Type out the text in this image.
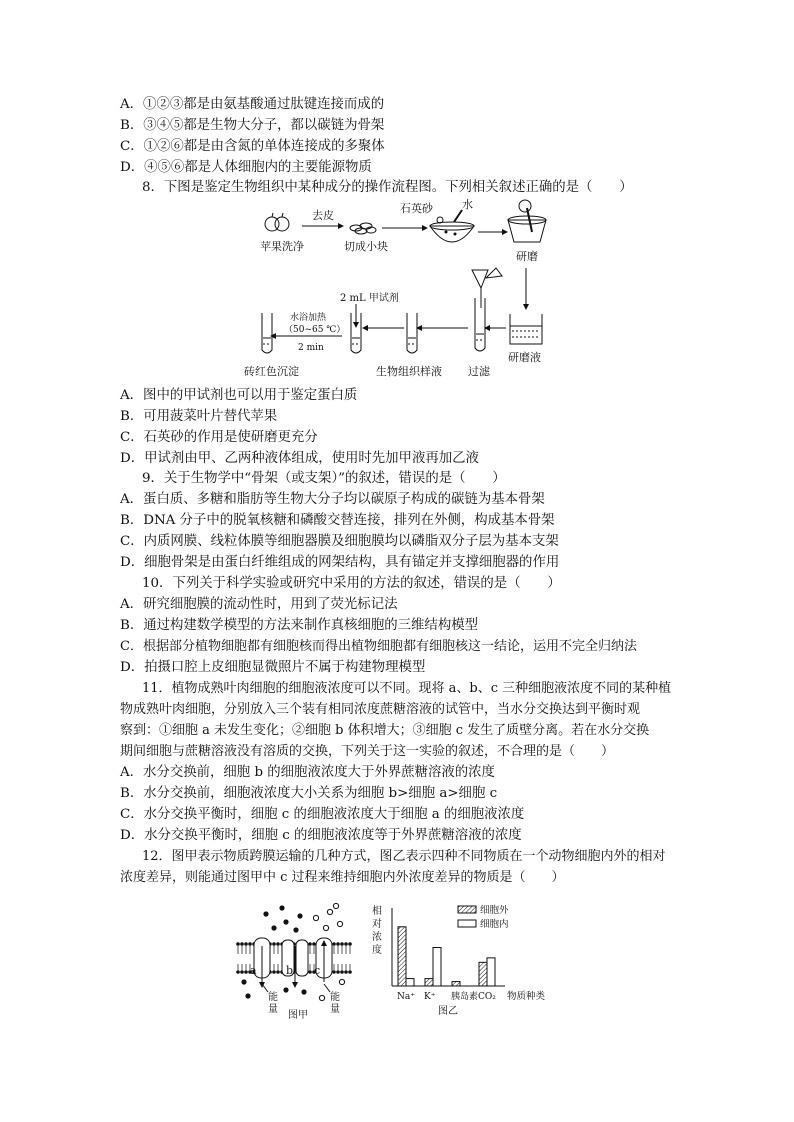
A．①②③都是由氨基酸通过肽键连接而成的
B．③④⑤都是生物大分子，都以碳链为骨架
C．①②⑥都是由含氮的单体连接成的多聚体
D．④⑤⑥都是人体细胞内的主要能源物质
8．下图是鉴定生物组织中某种成分的操作流程图。下列相关叙述正确的是（　　）
苹果洗净
去皮
切成小块
石英砂	水
研磨
研磨液
过滤
生物组织样液
2 mL 甲试剂
水浴加热
（50~65 ℃）
2 min
砖红色沉淀
A．图中的甲试剂也可以用于鉴定蛋白质
B．可用菠菜叶片替代苹果
C．石英砂的作用是使研磨更充分
D．甲试剂由甲、乙两种液体组成，使用时先加甲液再加乙液
9．关于生物学中“骨架（或支架）”的叙述，错误的是（　　）
A．蛋白质、多糖和脂肪等生物大分子均以碳原子构成的碳链为基本骨架
B．DNA 分子中的脱氧核糖和磷酸交替连接，排列在外侧，构成基本骨架
C．内质网膜、线粒体膜等细胞器膜及细胞膜均以磷脂双分子层为基本支架
D．细胞骨架是由蛋白纤维组成的网架结构，具有锚定并支撑细胞器的作用
10．下列关于科学实验或研究中采用的方法的叙述，错误的是（　　）
A．研究细胞膜的流动性时，用到了荧光标记法
B．通过构建数学模型的方法来制作真核细胞的三维结构模型
C．根据部分植物细胞都有细胞核而得出植物细胞都有细胞核这一结论，运用不完全归纳法
D．拍摄口腔上皮细胞显微照片不属于构建物理模型
11．植物成熟叶肉细胞的细胞液浓度可以不同。现将 a、b、c 三种细胞液浓度不同的某种植
物成熟叶肉细胞，分别放入三个装有相同浓度蔗糖溶液的试管中，当水分交换达到平衡时观
察到：①细胞 a 未发生变化；②细胞 b 体积增大；③细胞 c 发生了质壁分离。若在水分交换
期间细胞与蔗糖溶液没有溶质的交换，下列关于这一实验的叙述，不合理的是（　　）
A．水分交换前，细胞 b 的细胞液浓度大于外界蔗糖溶液的浓度
B．水分交换前，细胞液浓度大小关系为细胞 b>细胞 a>细胞 c
C．水分交换平衡时，细胞 c 的细胞液浓度大于细胞 a 的细胞液浓度
D．水分交换平衡时，细胞 c 的细胞液浓度等于外界蔗糖溶液的浓度
12．图甲表示物质跨膜运输的几种方式，图乙表示四种不同物质在一个动物细胞内外的相对
浓度差异，则能通过图甲中 c 过程来维持细胞内外浓度差异的物质是（　　）
a	b c
能
量
能
量
图甲
相
对
浓
度
细胞外
细胞内
Na⁺ K⁺ 胰岛素 CO₂ 物质种类
图乙
